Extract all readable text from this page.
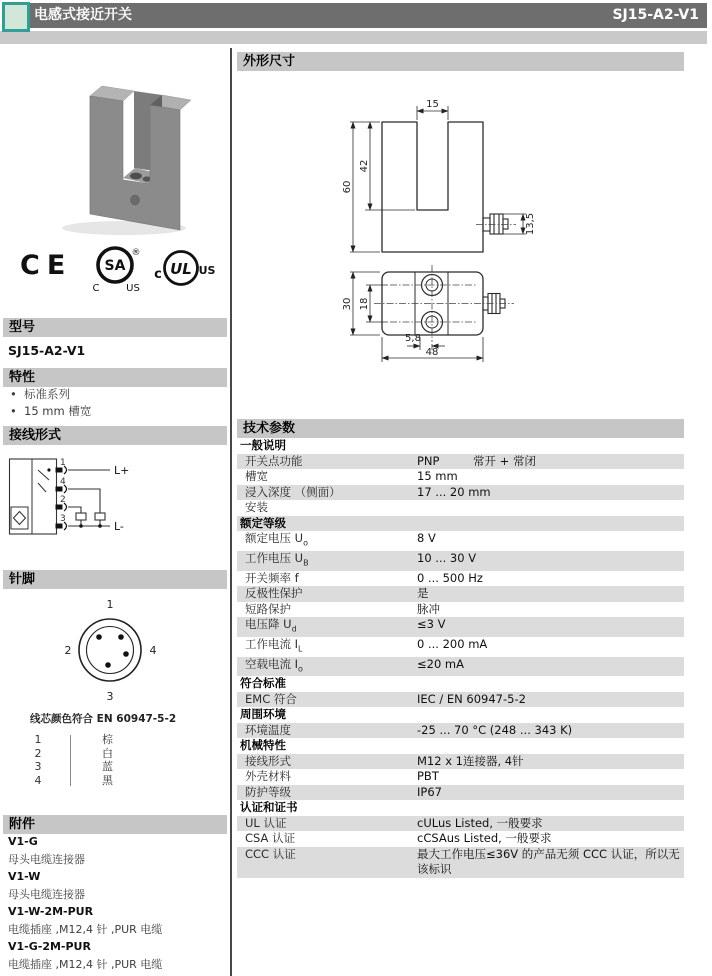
电感式接近开关	SJ15-A2-V1
CE SA
®
C	US
UL
c	US
型号
SJ15-A2-V1
特性
• 标准系列
• 15 mm 槽宽
接线形式
1
4
2
3
L+
L-
针脚
1
2	4
3
线芯颜色符合 EN 60947-5-2
1	棕
2	白
3	蓝
4	黑
附件

V1-G

母头电缆连接器

V1-W

母头电缆连接器

V1-W-2M-PUR

电缆插座 ,M12,4 针 ,PUR 电缆

V1-G-2M-PUR

电缆插座 ,M12,4 针 ,PUR 电缆

外形尺寸
15
42
60
13,5
30 18
5,8
48
技术参数
一般说明
开关点功能	PNP	常开 + 常闭
槽宽	15 mm
浸入深度 （侧面）	17 ... 20 mm
安装
额定等级
额定电压 $U_o$	8 V
工作电压 $U_B$	10 ... 30 V
开关频率 f	0 ... 500 Hz
反极性保护	是
短路保护	脉冲
电压降 $U_d$	≤3 V
工作电流 $I_L$	0 ... 200 mA
空载电流 $I_o$	≤20 mA
符合标准
EMC 符合	IEC / EN 60947-5-2
周围环境
环境温度	-25 ... 70 °C (248 ... 343 K)
机械特性
接线形式	M12 x 1连接器, 4针
外壳材料	PBT
防护等级	IP67
认证和证书
UL 认证	cULus Listed, 一般要求
CSA 认证	cCSAus Listed, 一般要求
CCC 认证	最大工作电压≤36V 的产品无须 CCC 认证，所以无该标识
